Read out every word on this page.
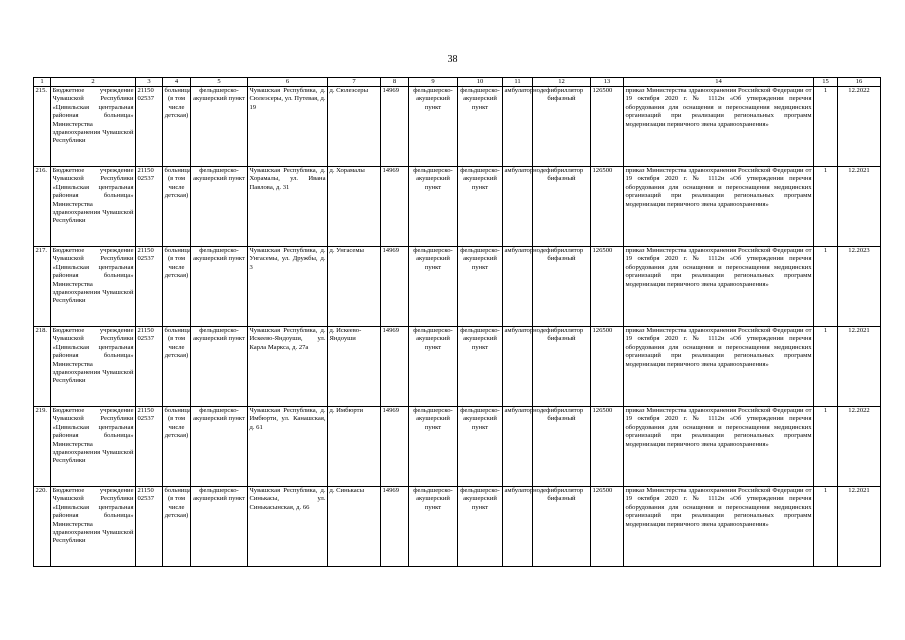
38
1	2	3	4	5	6	7	8	9	10	11	12	13	14	15	16
215.	Бюджетное учреждение Чувашской Республики «Цивильская центральная районная больница» Министерства здравоохранения Чувашской Республики	21150 02537	больница (в том числе детская)	фельдшерско-акушерский пункт	Чувашская Республика, д. Сюлеэсеры, ул. Путевая, д. 19	д. Сюлеэсеры	14969	фельдшерско-акушерский пункт	фельдшерско-акушерский пункт	амбулаторно	дефибриллятор бифазный	126500	приказ Министерства здравоохранения Российской Федерации от 19 октября 2020 г. № 1112н «Об утверждении перечня оборудования для оснащения и переоснащения медицинских организаций при реализации региональных программ модернизации первичного звена здравоохранения»	1	12.2022
216.	Бюджетное учреждение Чувашской Республики «Цивильская центральная районная больница» Министерства здравоохранения Чувашской Республики	21150 02537	больница (в том числе детская)	фельдшерско-акушерский пункт	Чувашская Республика, д. Хорамалы, ул. Ивана Павлова, д. 31	д. Хорамалы	14969	фельдшерско-акушерский пункт	фельдшерско-акушерский пункт	амбулаторно	дефибриллятор бифазный	126500	приказ Министерства здравоохранения Российской Федерации от 19 октября 2020 г. № 1112н «Об утверждении перечня оборудования для оснащения и переоснащения медицинских организаций при реализации региональных программ модернизации первичного звена здравоохранения»	1	12.2021
217.	Бюджетное учреждение Чувашской Республики «Цивильская центральная районная больница» Министерства здравоохранения Чувашской Республики	21150 02537	больница (в том числе детская)	фельдшерско-акушерский пункт	Чувашская Республика, д. Унгасемы, ул. Дружбы, д. 3	д. Унгасемы	14969	фельдшерско-акушерский пункт	фельдшерско-акушерский пункт	амбулаторно	дефибриллятор бифазный	126500	приказ Министерства здравоохранения Российской Федерации от 19 октября 2020 г. № 1112н «Об утверждении перечня оборудования для оснащения и переоснащения медицинских организаций при реализации региональных программ модернизации первичного звена здравоохранения»	1	12.2023
218.	Бюджетное учреждение Чувашской Республики «Цивильская центральная районная больница» Министерства здравоохранения Чувашской Республики	21150 02537	больница (в том числе детская)	фельдшерско-акушерский пункт	Чувашская Республика, д. Искеево-Яндоуши, ул. Карла Маркса, д. 27а	д. Искеево-Яндоуши	14969	фельдшерско-акушерский пункт	фельдшерско-акушерский пункт	амбулаторно	дефибриллятор бифазный	126500	приказ Министерства здравоохранения Российской Федерации от 19 октября 2020 г. № 1112н «Об утверждении перечня оборудования для оснащения и переоснащения медицинских организаций при реализации региональных программ модернизации первичного звена здравоохранения»	1	12.2021
219.	Бюджетное учреждение Чувашской Республики «Цивильская центральная районная больница» Министерства здравоохранения Чувашской Республики	21150 02537	больница (в том числе детская)	фельдшерско-акушерский пункт	Чувашская Республика, д. Имбюрти, ул. Канашская, д. 61	д. Имбюрти	14969	фельдшерско-акушерский пункт	фельдшерско-акушерский пункт	амбулаторно	дефибриллятор бифазный	126500	приказ Министерства здравоохранения Российской Федерации от 19 октября 2020 г. № 1112н «Об утверждении перечня оборудования для оснащения и переоснащения медицинских организаций при реализации региональных программ модернизации первичного звена здравоохранения»	1	12.2022
220.	Бюджетное учреждение Чувашской Республики «Цивильская центральная районная больница» Министерства здравоохранения Чувашской Республики	21150 02537	больница (в том числе детская)	фельдшерско-акушерский пункт	Чувашская Республика, д. Синькасы, ул. Синькасынская, д. 66	д. Синькасы	14969	фельдшерско-акушерский пункт	фельдшерско-акушерский пункт	амбулаторно	дефибриллятор бифазный	126500	приказ Министерства здравоохранения Российской Федерации от 19 октября 2020 г. № 1112н «Об утверждении перечня оборудования для оснащения и переоснащения медицинских организаций при реализации региональных программ модернизации первичного звена здравоохранения»	1	12.2021
